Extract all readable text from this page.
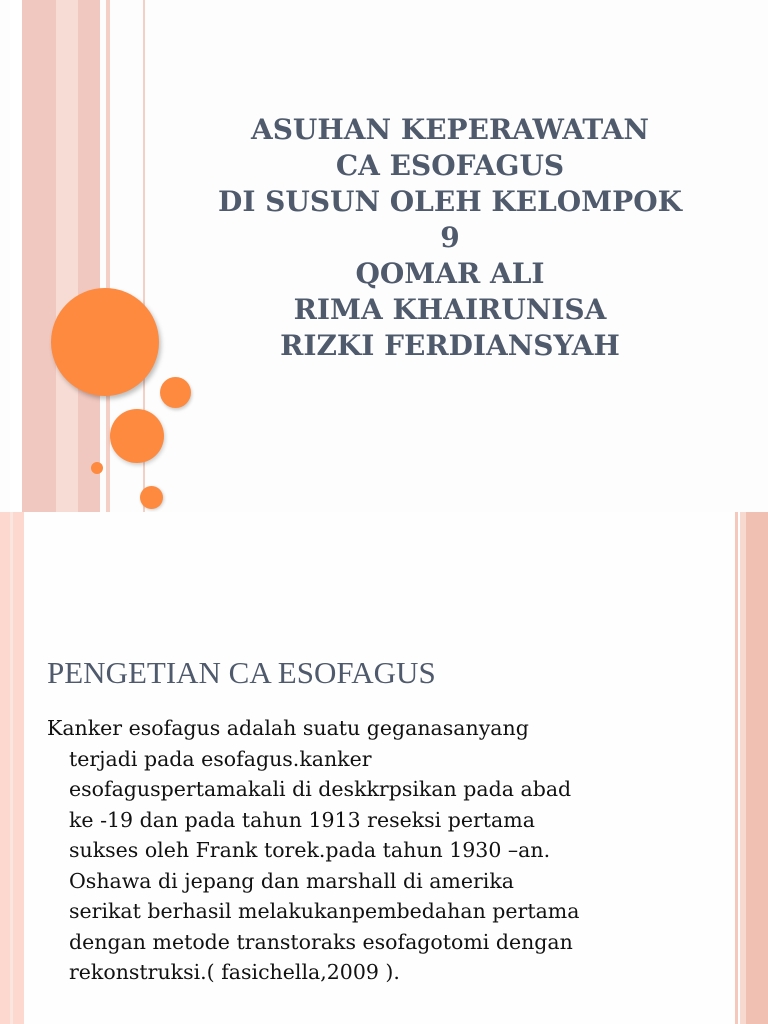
ASUHAN KEPERAWATAN
CA ESOFAGUS
DI SUSUN OLEH KELOMPOK
9
QOMAR ALI
RIMA KHAIRUNISA
RIZKI FERDIANSYAH
PENGETIAN CA ESOFAGUS

Kanker esofagus adalah suatu geganasanyang
terjadi pada esofagus.kanker
esofaguspertamakali di deskkrpsikan pada abad
ke -19 dan pada tahun 1913 reseksi pertama
sukses oleh Frank torek.pada tahun 1930 –an.
Oshawa di jepang dan marshall di amerika
serikat berhasil melakukanpembedahan pertama
dengan metode transtoraks esofagotomi dengan
rekonstruksi.( fasichella,2009 ).
